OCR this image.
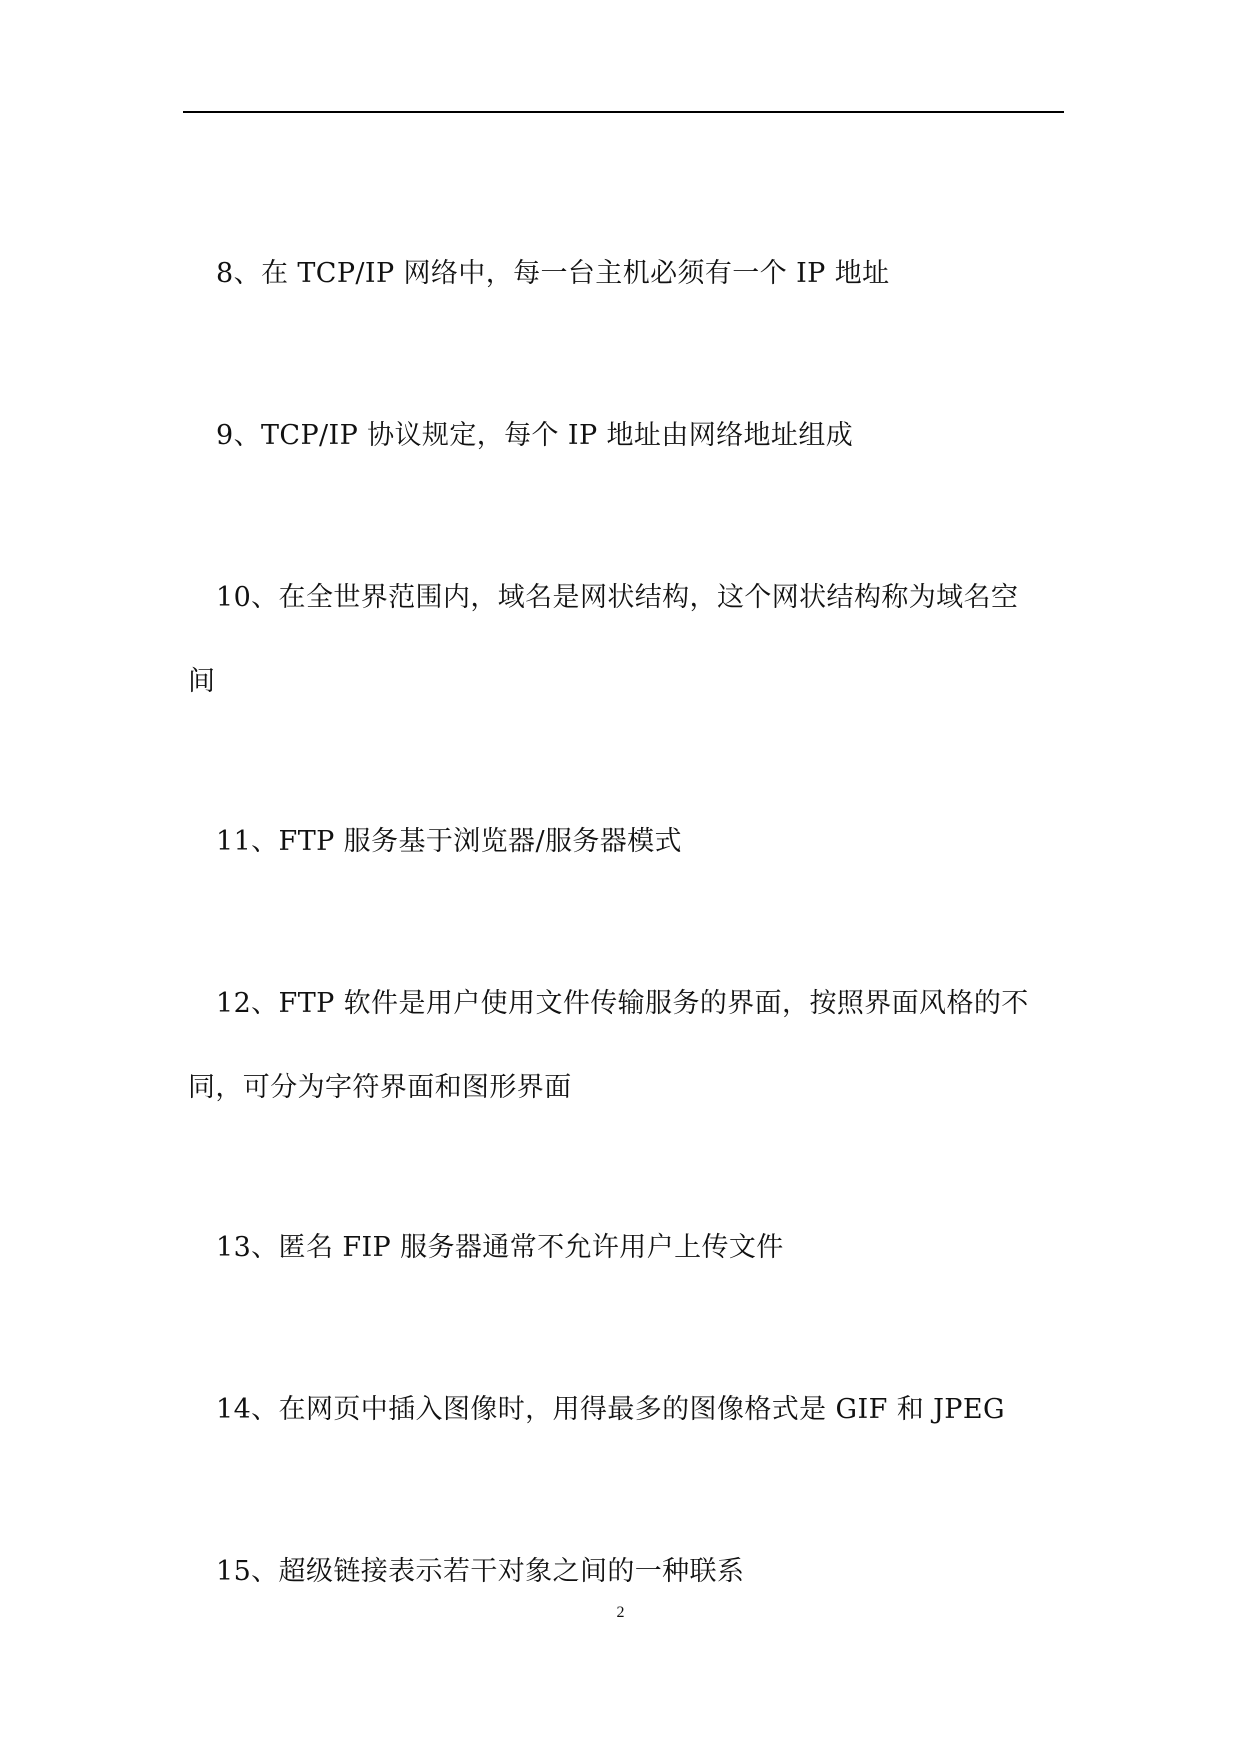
8、在 TCP/IP 网络中，每一台主机必须有一个 IP 地址
9、TCP/IP 协议规定，每个 IP 地址由网络地址组成
10、在全世界范围内，域名是网状结构，这个网状结构称为域名空
间
11、FTP 服务基于浏览器/服务器模式
12、FTP 软件是用户使用文件传输服务的界面，按照界面风格的不
同，可分为字符界面和图形界面
13、匿名 FIP 服务器通常不允许用户上传文件
14、在网页中插入图像时，用得最多的图像格式是 GIF 和 JPEG
15、超级链接表示若干对象之间的一种联系
2
